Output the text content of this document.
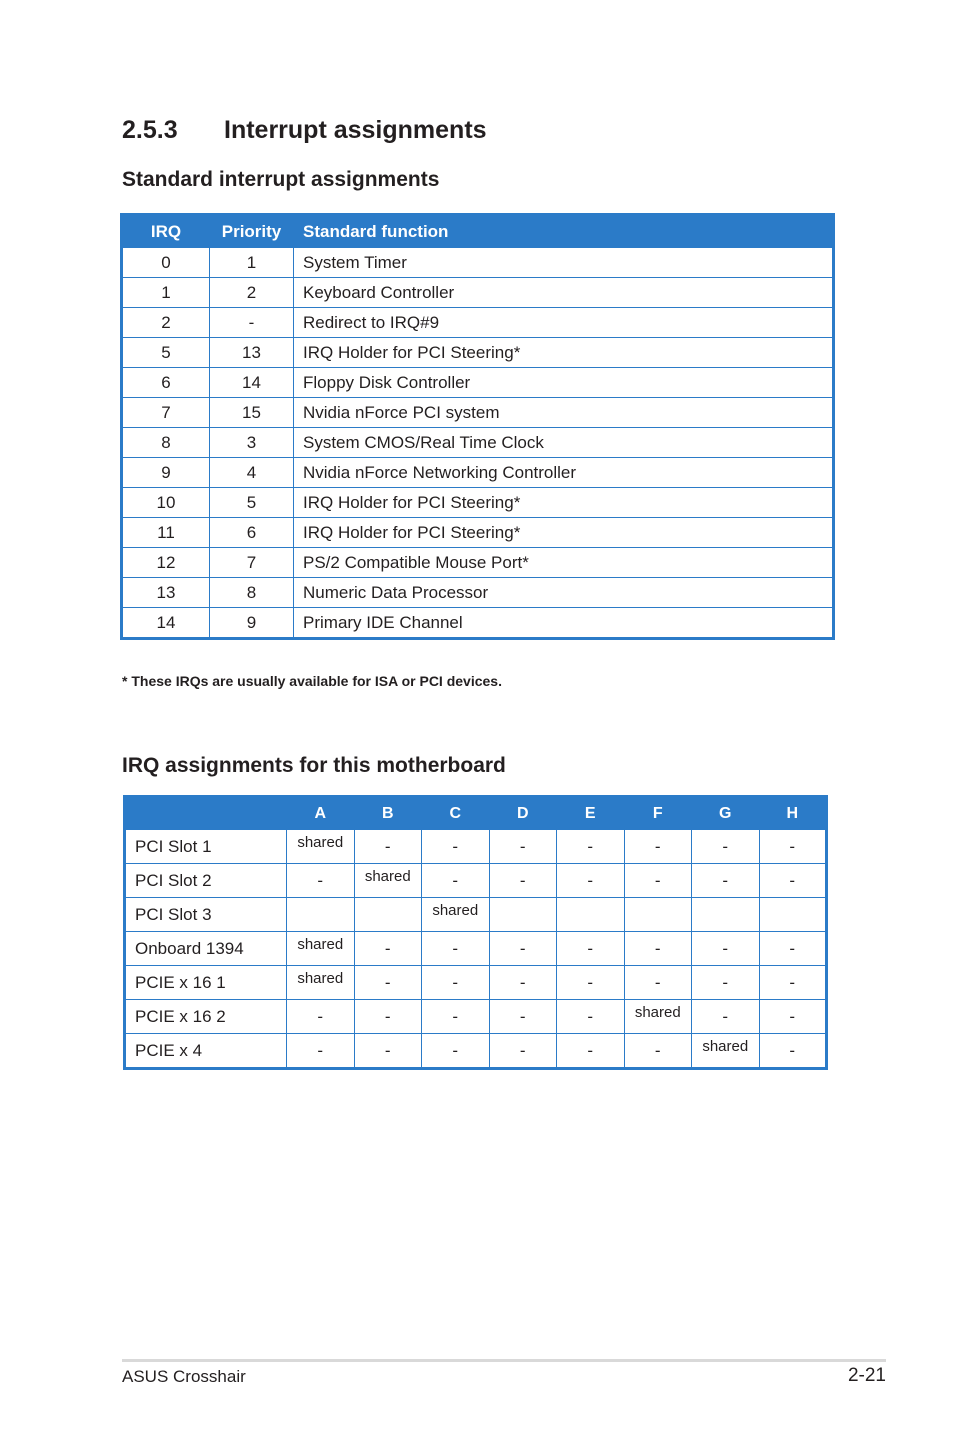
2.5.3 Interrupt assignments
Standard interrupt assignments
IRQ	Priority	Standard function
0	1	System Timer
1	2	Keyboard Controller
2	-	Redirect to IRQ#9
5	13	IRQ Holder for PCI Steering*
6	14	Floppy Disk Controller
7	15	Nvidia nForce PCI system
8	3	System CMOS/Real Time Clock
9	4	Nvidia nForce Networking Controller
10	5	IRQ Holder for PCI Steering*
11	6	IRQ Holder for PCI Steering*
12	7	PS/2 Compatible Mouse Port*
13	8	Numeric Data Processor
14	9	Primary IDE Channel

* These IRQs are usually available for ISA or PCI devices.

IRQ assignments for this motherboard
	A	B	C	D	E	F	G	H
PCI Slot 1	shared	-	-	-	-	-	-	-
PCI Slot 2	-	shared	-	-	-	-	-	-
PCI Slot 3			shared					
Onboard 1394	shared	-	-	-	-	-	-	-
PCIE x 16 1	shared	-	-	-	-	-	-	-
PCIE x 16 2	-	-	-	-	-	shared	-	-
PCIE x 4	-	-	-	-	-	-	shared	-
ASUS Crosshair	2-21
